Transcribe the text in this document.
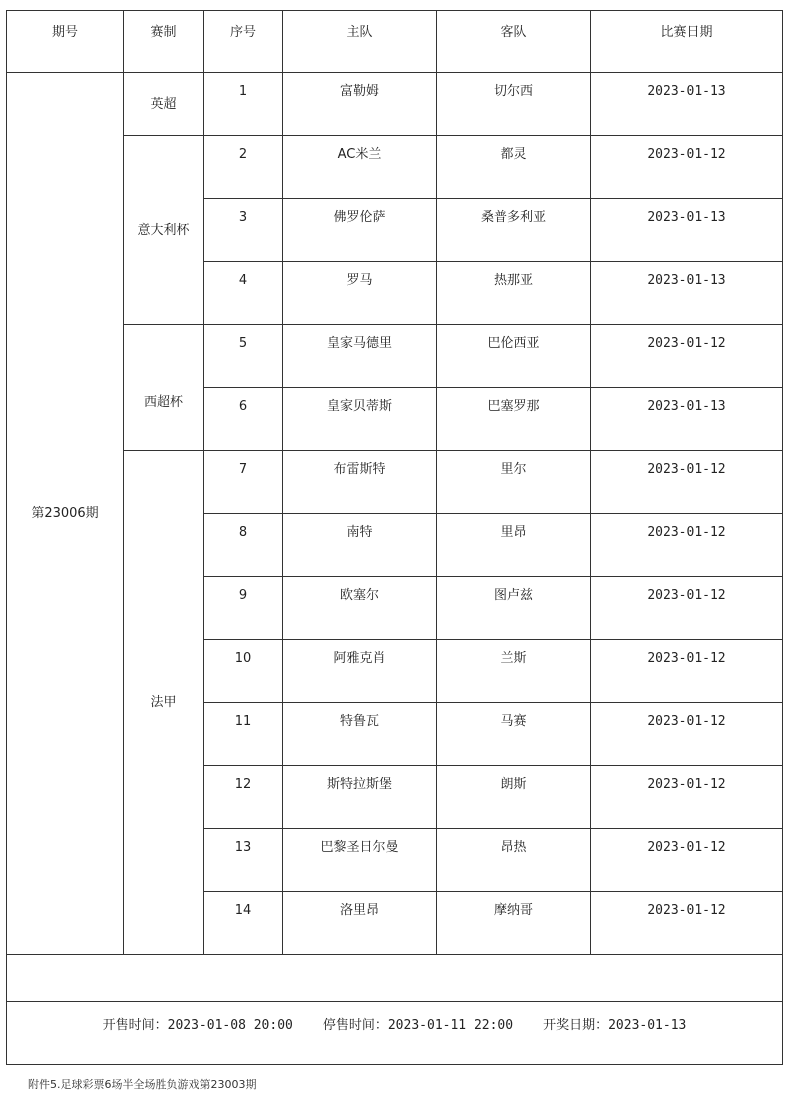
期号	赛制	序号	主队	客队	比赛日期
第23006期	英超	1	富勒姆	切尔西	2023-01-13
	意大利杯	2	AC米兰	都灵	2023-01-12
		3	佛罗伦萨	桑普多利亚	2023-01-13
		4	罗马	热那亚	2023-01-13
	西超杯	5	皇家马德里	巴伦西亚	2023-01-12
		6	皇家贝蒂斯	巴塞罗那	2023-01-13
	法甲	7	布雷斯特	里尔	2023-01-12
		8	南特	里昂	2023-01-12
		9	欧塞尔	图卢兹	2023-01-12
		10	阿雅克肖	兰斯	2023-01-12
		11	特鲁瓦	马赛	2023-01-12
		12	斯特拉斯堡	朗斯	2023-01-12
		13	巴黎圣日尔曼	昂热	2023-01-12
		14	洛里昂	摩纳哥	2023-01-12

开售时间：2023-01-08 20:00 停售时间：2023-01-11 22:00 开奖日期：2023-01-13					
附件5.足球彩票6场半全场胜负游戏第23003期
